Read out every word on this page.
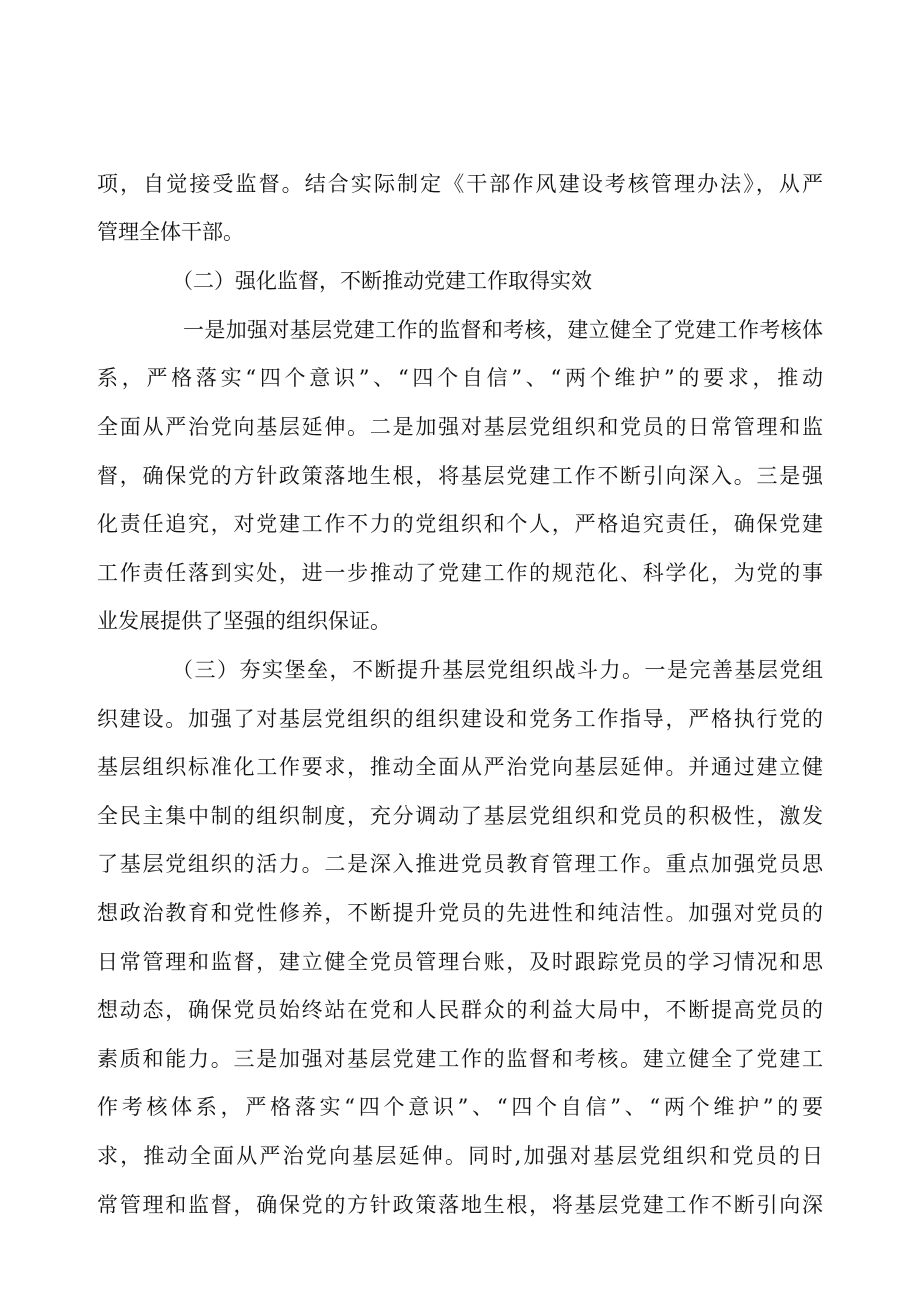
项，自觉接受监督。结合实际制定《干部作风建设考核管理办法》，从严
管理全体干部。
（二）强化监督，不断推动党建工作取得实效
一是加强对基层党建工作的监督和考核，建立健全了党建工作考核体
系，严格落实“四个意识”、“四个自信”、“两个维护”的要求，推动
全面从严治党向基层延伸。二是加强对基层党组织和党员的日常管理和监
督，确保党的方针政策落地生根，将基层党建工作不断引向深入。三是强
化责任追究，对党建工作不力的党组织和个人，严格追究责任，确保党建
工作责任落到实处，进一步推动了党建工作的规范化、科学化，为党的事
业发展提供了坚强的组织保证。
（三）夯实堡垒，不断提升基层党组织战斗力。一是完善基层党组
织建设。加强了对基层党组织的组织建设和党务工作指导，严格执行党的
基层组织标准化工作要求，推动全面从严治党向基层延伸。并通过建立健
全民主集中制的组织制度，充分调动了基层党组织和党员的积极性，激发
了基层党组织的活力。二是深入推进党员教育管理工作。重点加强党员思
想政治教育和党性修养，不断提升党员的先进性和纯洁性。加强对党员的
日常管理和监督，建立健全党员管理台账，及时跟踪党员的学习情况和思
想动态，确保党员始终站在党和人民群众的利益大局中，不断提高党员的
素质和能力。三是加强对基层党建工作的监督和考核。建立健全了党建工
作考核体系，严格落实“四个意识”、“四个自信”、“两个维护”的要
求，推动全面从严治党向基层延伸。同时,加强对基层党组织和党员的日
常管理和监督，确保党的方针政策落地生根，将基层党建工作不断引向深
